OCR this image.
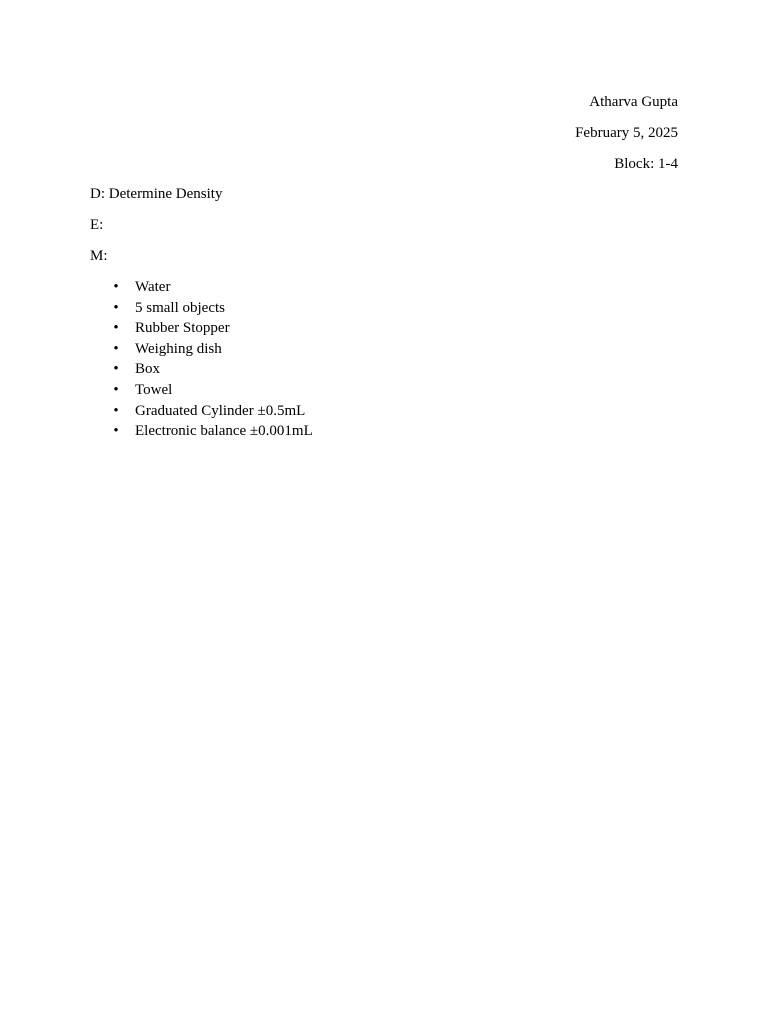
Atharva Gupta

February 5, 2025

Block: 1-4

D: Determine Density

E:

M:

• Water
• 5 small objects
• Rubber Stopper
• Weighing dish
• Box
• Towel
• Graduated Cylinder ±0.5mL
• Electronic balance ±0.001mL
